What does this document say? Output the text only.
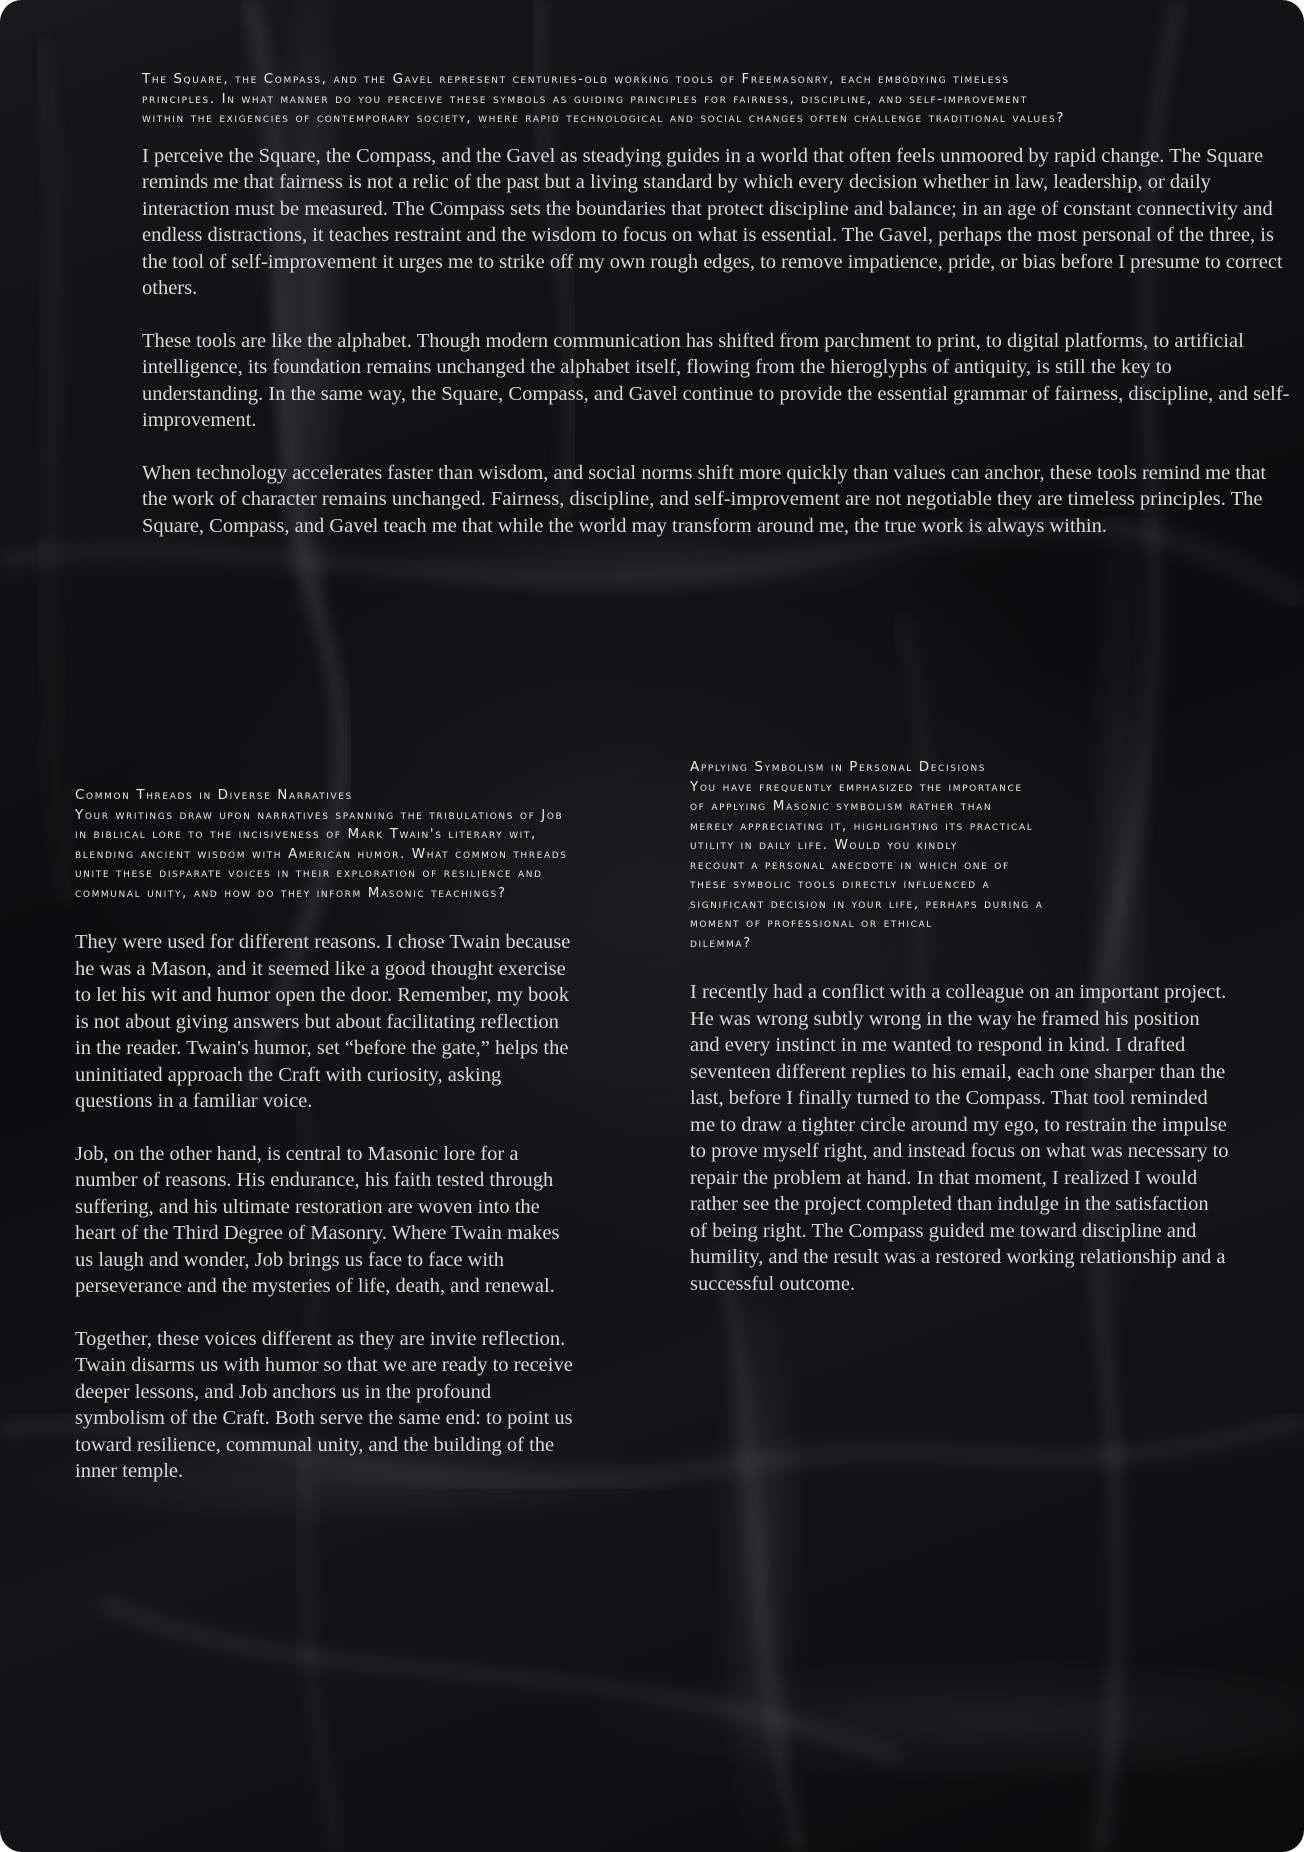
The Square, the Compass, and the Gavel represent centuries-old working tools of Freemasonry, each embodying timeless principles. In what manner do you perceive these symbols as guiding principles for fairness, discipline, and self-improvement within the exigencies of contemporary society, where rapid technological and social changes often challenge traditional values?

I perceive the Square, the Compass, and the Gavel as steadying guides in a world that often feels unmoored by rapid change. The Square reminds me that fairness is not a relic of the past but a living standard by which every decision whether in law, leadership, or daily interaction must be measured. The Compass sets the boundaries that protect discipline and balance; in an age of constant connectivity and endless distractions, it teaches restraint and the wisdom to focus on what is essential. The Gavel, perhaps the most personal of the three, is the tool of self-improvement it urges me to strike off my own rough edges, to remove impatience, pride, or bias before I presume to correct others.

These tools are like the alphabet. Though modern communication has shifted from parchment to print, to digital platforms, to artificial intelligence, its foundation remains unchanged the alphabet itself, flowing from the hieroglyphs of antiquity, is still the key to understanding. In the same way, the Square, Compass, and Gavel continue to provide the essential grammar of fairness, discipline, and self-improvement.

When technology accelerates faster than wisdom, and social norms shift more quickly than values can anchor, these tools remind me that the work of character remains unchanged. Fairness, discipline, and self-improvement are not negotiable they are timeless principles. The Square, Compass, and Gavel teach me that while the world may transform around me, the true work is always within.

Common Threads in Diverse Narratives
Your writings draw upon narratives spanning the tribulations of Job in biblical lore to the incisiveness of Mark Twain's literary wit, blending ancient wisdom with American humor. What common threads unite these disparate voices in their exploration of resilience and communal unity, and how do they inform Masonic teachings?

They were used for different reasons. I chose Twain because he was a Mason, and it seemed like a good thought exercise to let his wit and humor open the door. Remember, my book is not about giving answers but about facilitating reflection in the reader. Twain's humor, set “before the gate,” helps the uninitiated approach the Craft with curiosity, asking questions in a familiar voice.

Job, on the other hand, is central to Masonic lore for a number of reasons. His endurance, his faith tested through suffering, and his ultimate restoration are woven into the heart of the Third Degree of Masonry. Where Twain makes us laugh and wonder, Job brings us face to face with perseverance and the mysteries of life, death, and renewal.

Together, these voices different as they are invite reflection. Twain disarms us with humor so that we are ready to receive deeper lessons, and Job anchors us in the profound symbolism of the Craft. Both serve the same end: to point us toward resilience, communal unity, and the building of the inner temple.

Applying Symbolism in Personal Decisions
You have frequently emphasized the importance
of applying Masonic symbolism rather than
merely appreciating it, highlighting its practical
utility in daily life. Would you kindly
recount a personal anecdote in which one of
these symbolic tools directly influenced a
significant decision in your life, perhaps during a
moment of professional or ethical
dilemma?

I recently had a conflict with a colleague on an important project. He was wrong subtly wrong in the way he framed his position and every instinct in me wanted to respond in kind. I drafted seventeen different replies to his email, each one sharper than the last, before I finally turned to the Compass. That tool reminded me to draw a tighter circle around my ego, to restrain the impulse to prove myself right, and instead focus on what was necessary to repair the problem at hand. In that moment, I realized I would rather see the project completed than indulge in the satisfaction of being right. The Compass guided me toward discipline and humility, and the result was a restored working relationship and a successful outcome.
